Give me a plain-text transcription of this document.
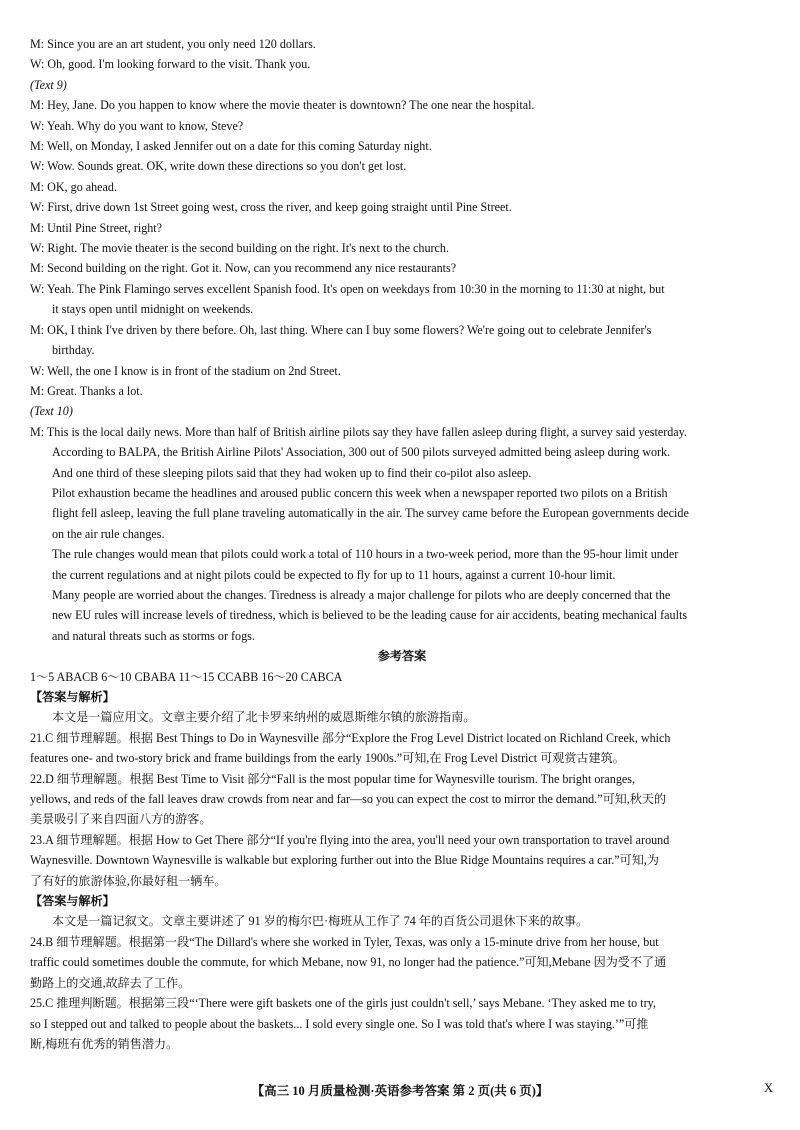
M: Since you are an art student, you only need 120 dollars.
W: Oh, good. I'm looking forward to the visit. Thank you.
(Text 9)
M: Hey, Jane. Do you happen to know where the movie theater is downtown? The one near the hospital.
W: Yeah. Why do you want to know, Steve?
M: Well, on Monday, I asked Jennifer out on a date for this coming Saturday night.
W: Wow. Sounds great. OK, write down these directions so you don't get lost.
M: OK, go ahead.
W: First, drive down 1st Street going west, cross the river, and keep going straight until Pine Street.
M: Until Pine Street, right?
W: Right. The movie theater is the second building on the right. It's next to the church.
M: Second building on the right. Got it. Now, can you recommend any nice restaurants?
W: Yeah. The Pink Flamingo serves excellent Spanish food. It's open on weekdays from 10:30 in the morning to 11:30 at night, but
it stays open until midnight on weekends.
M: OK, I think I've driven by there before. Oh, last thing. Where can I buy some flowers? We're going out to celebrate Jennifer's
birthday.
W: Well, the one I know is in front of the stadium on 2nd Street.
M: Great. Thanks a lot.
(Text 10)
M: This is the local daily news. More than half of British airline pilots say they have fallen asleep during flight, a survey said yesterday.
According to BALPA, the British Airline Pilots' Association, 300 out of 500 pilots surveyed admitted being asleep during work.
And one third of these sleeping pilots said that they had woken up to find their co-pilot also asleep.
Pilot exhaustion became the headlines and aroused public concern this week when a newspaper reported two pilots on a British
flight fell asleep, leaving the full plane traveling automatically in the air. The survey came before the European governments decide
on the air rule changes.
The rule changes would mean that pilots could work a total of 110 hours in a two-week period, more than the 95-hour limit under
the current regulations and at night pilots could be expected to fly for up to 11 hours, against a current 10-hour limit.
Many people are worried about the changes. Tiredness is already a major challenge for pilots who are deeply concerned that the
new EU rules will increase levels of tiredness, which is believed to be the leading cause for air accidents, beating mechanical faults
and natural threats such as storms or fogs.
参考答案
1～5 ABACB 6～10 CBABA 11～15 CCABB 16～20 CABCA
【答案与解析】
本文是一篇应用文。文章主要介绍了北卡罗来纳州的威恩斯维尔镇的旅游指南。
21.C 细节理解题。根据 Best Things to Do in Waynesville 部分“Explore the Frog Level District located on Richland Creek, which
features one- and two-story brick and frame buildings from the early 1900s.”可知,在 Frog Level District 可观赏古建筑。
22.D 细节理解题。根据 Best Time to Visit 部分“Fall is the most popular time for Waynesville tourism. The bright oranges,
yellows, and reds of the fall leaves draw crowds from near and far—so you can expect the cost to mirror the demand.”可知,秋天的
美景吸引了来自四面八方的游客。
23.A 细节理解题。根据 How to Get There 部分“If you're flying into the area, you'll need your own transportation to travel around
Waynesville. Downtown Waynesville is walkable but exploring further out into the Blue Ridge Mountains requires a car.”可知,为
了有好的旅游体验,你最好租一辆车。
【答案与解析】
本文是一篇记叙文。文章主要讲述了 91 岁的梅尔巴·梅班从工作了 74 年的百货公司退休下来的故事。
24.B 细节理解题。根据第一段“The Dillard's where she worked in Tyler, Texas, was only a 15-minute drive from her house, but
traffic could sometimes double the commute, for which Mebane, now 91, no longer had the patience.”可知,Mebane 因为受不了通
勤路上的交通,故辞去了工作。
25.C 推理判断题。根据第三段“‘There were gift baskets one of the girls just couldn't sell,’ says Mebane. ‘They asked me to try,
so I stepped out and talked to people about the baskets... I sold every single one. So I was told that's where I was staying.’”可推
断,梅班有优秀的销售潜力。
【高三 10 月质量检测·英语参考答案 第 2 页(共 6 页)】	X
